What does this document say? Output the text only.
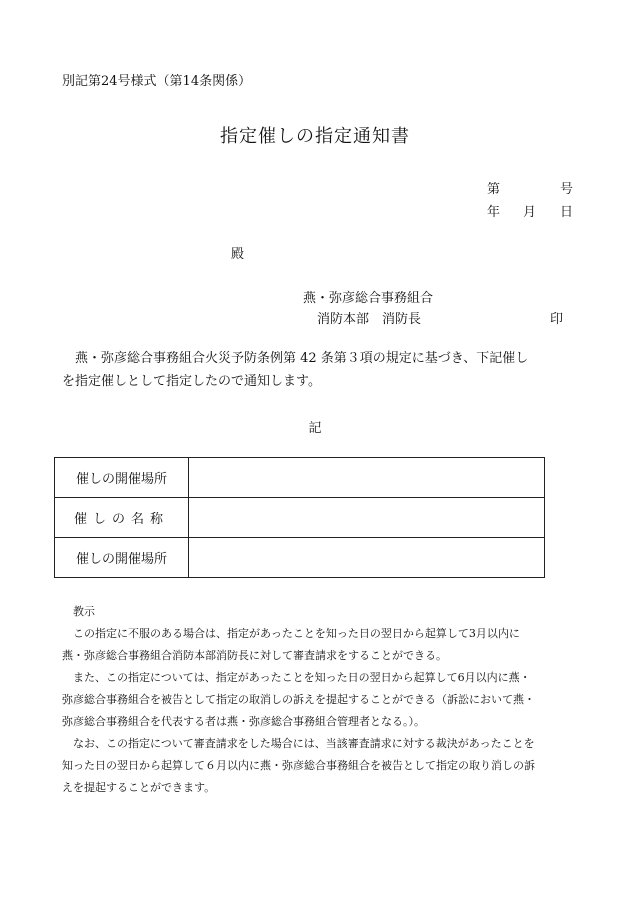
別記第24号様式（第14条関係）
指定催しの指定通知書
第	号
年 月 日
殿
燕・弥彦総合事務組合
消防本部　消防長	印
　燕・弥彦総合事務組合火災予防条例第 42 条第３項の規定に基づき、下記催し
を指定催しとして指定したので通知します。
記
催しの開催場所	
催しの名称	
催しの開催場所	
教示
　この指定に不服のある場合は、指定があったことを知った日の翌日から起算して3月以内に
燕・弥彦総合事務組合消防本部消防長に対して審査請求をすることができる。
　また、この指定については、指定があったことを知った日の翌日から起算して6月以内に燕・
弥彦総合事務組合を被告として指定の取消しの訴えを提起することができる（訴訟において燕・
弥彦総合事務組合を代表する者は燕・弥彦総合事務組合管理者となる。）。
　なお、この指定について審査請求をした場合には、当該審査請求に対する裁決があったことを
知った日の翌日から起算して６月以内に燕・弥彦総合事務組合を被告として指定の取り消しの訴
えを提起することができます。
